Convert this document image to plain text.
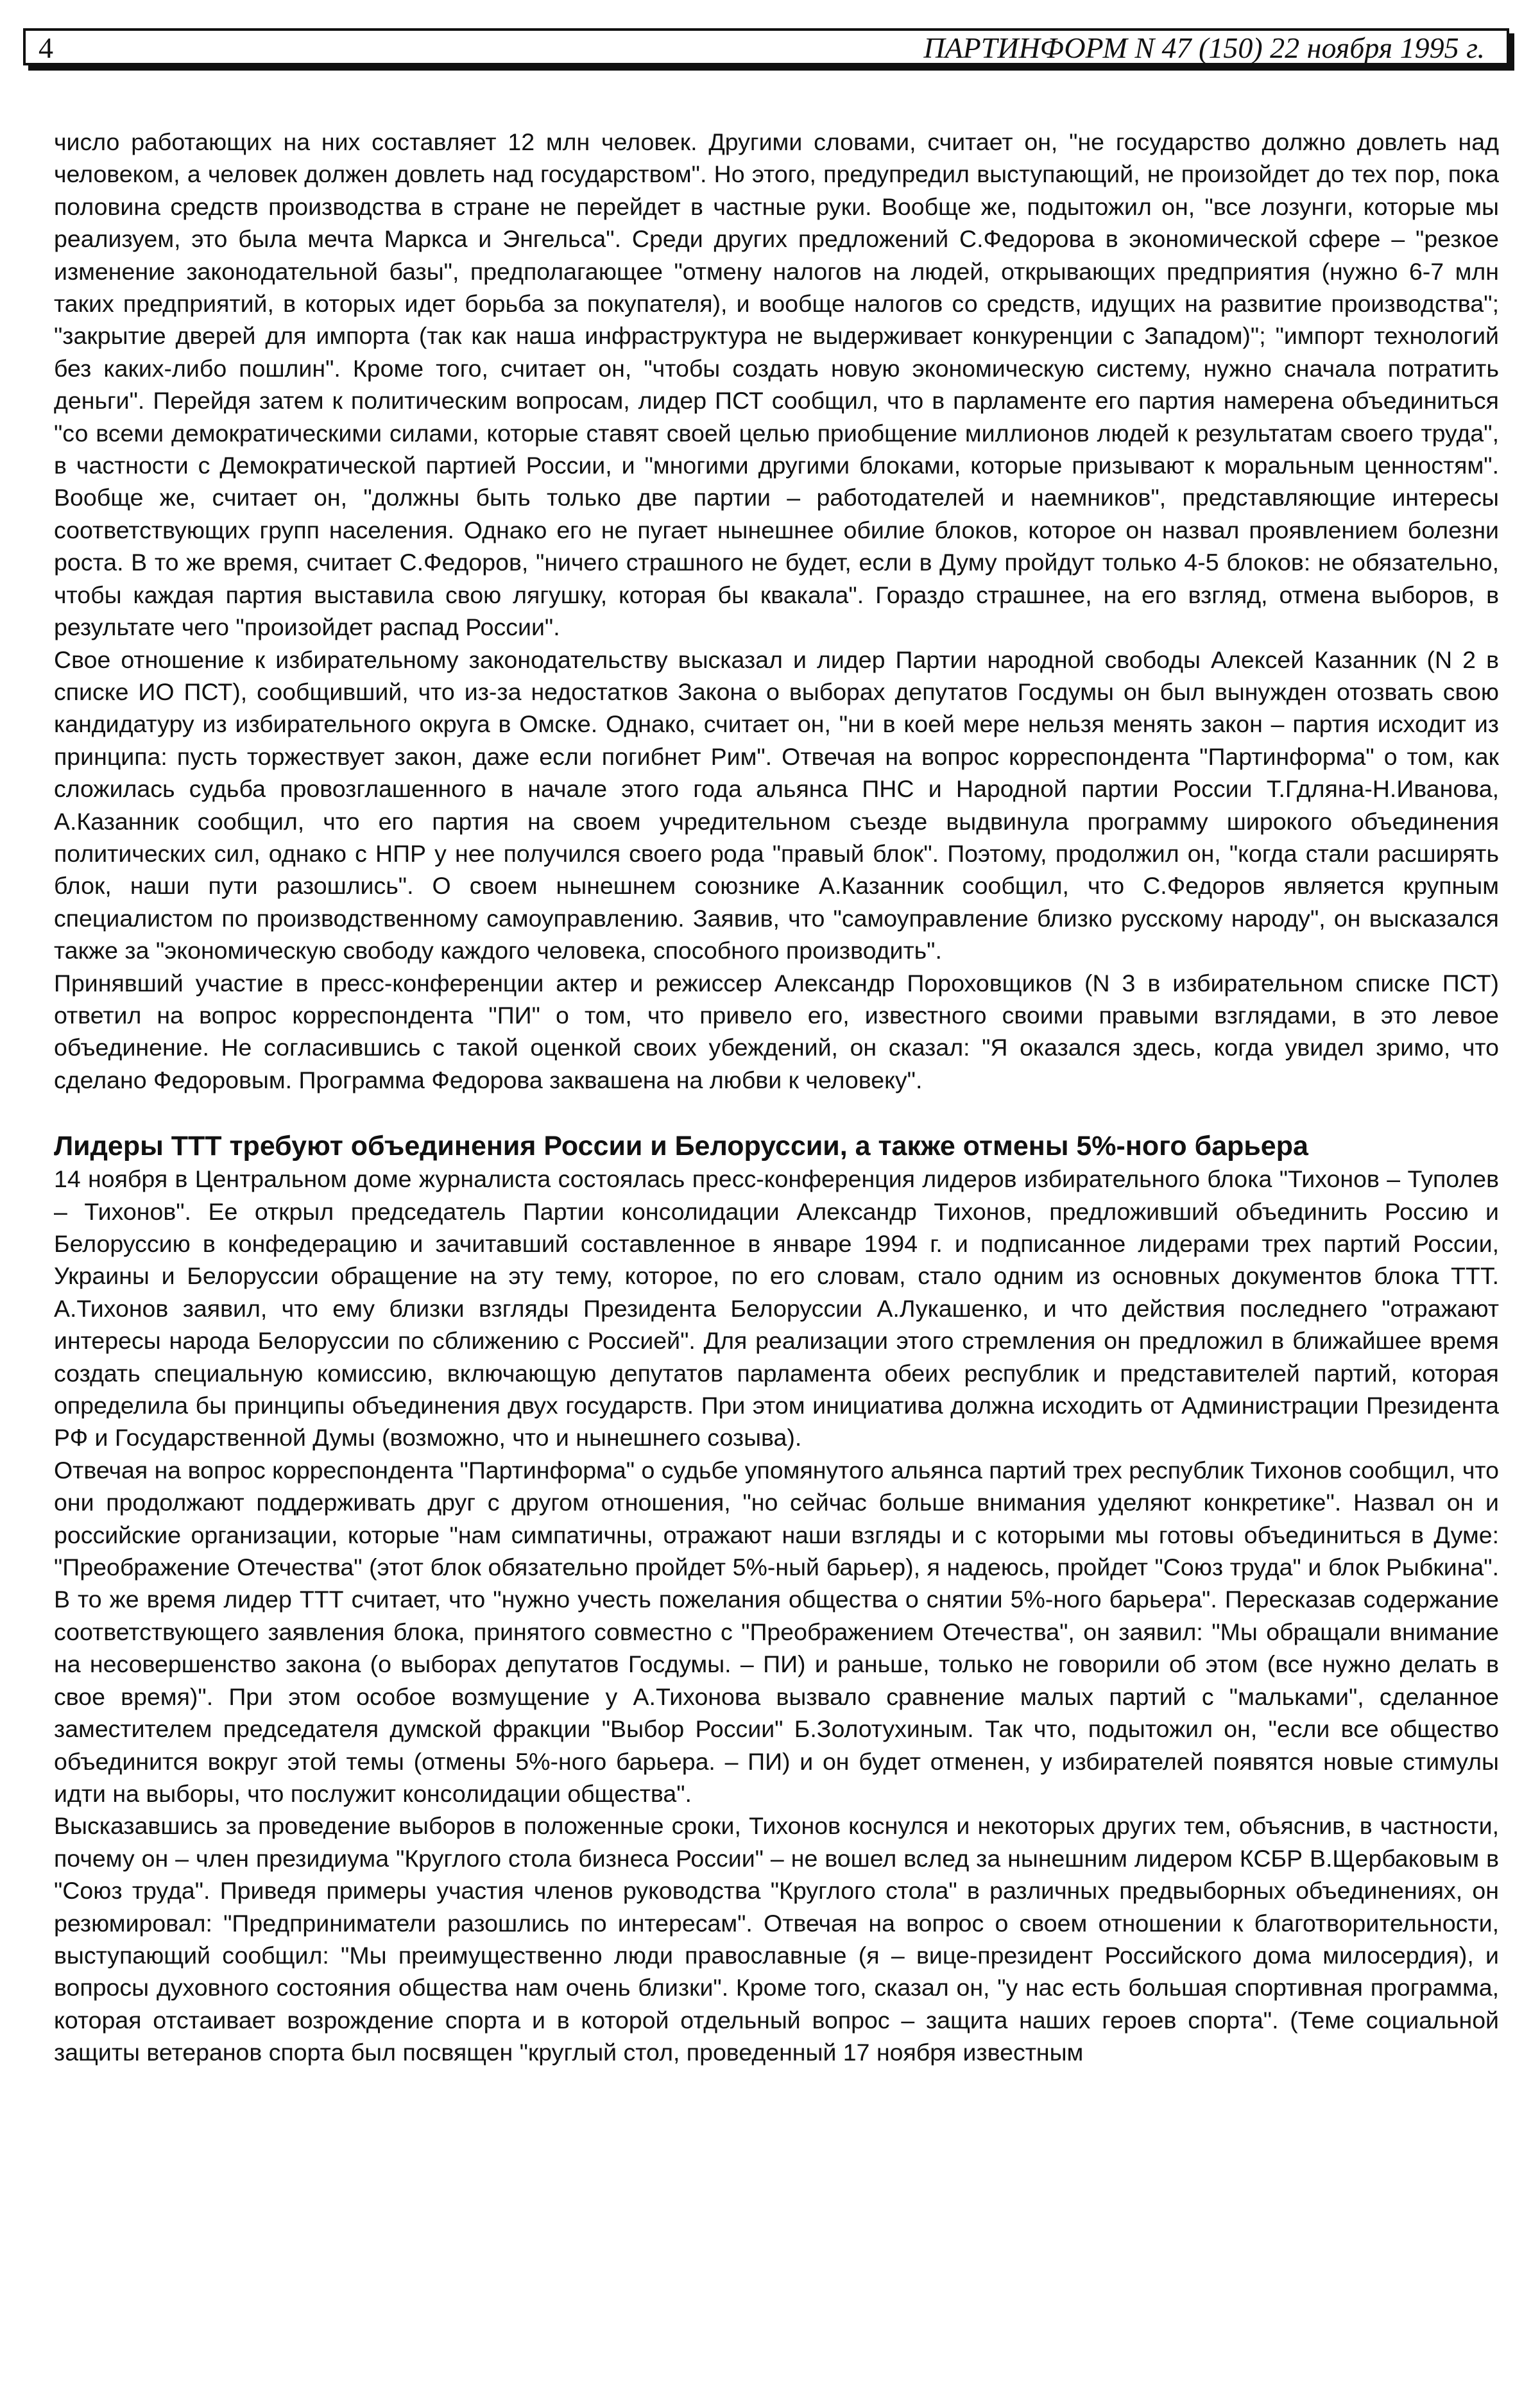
4	ПАРТИНФОРМ N 47 (150) 22 ноября 1995 г.

число работающих на них составляет 12 млн человек. Другими словами, считает он, "не государство должно довлеть над человеком, а человек должен довлеть над государством". Но этого, предупредил выступающий, не произойдет до тех пор, пока половина средств производства в стране не перейдет в частные руки. Вообще же, подытожил он, "все лозунги, которые мы реализуем, это была мечта Маркса и Энгельса". Среди других предложений С.Федорова в экономической сфере – "резкое изменение законодательной базы", предполагающее "отмену налогов на людей, открывающих предприятия (нужно 6-7 млн таких предприятий, в которых идет борьба за покупателя), и вообще налогов со средств, идущих на развитие производства"; "закрытие дверей для импорта (так как наша инфраструктура не выдерживает конкуренции с Западом)"; "импорт технологий без каких-либо пошлин". Кроме того, считает он, "чтобы создать новую экономическую систему, нужно сначала потратить деньги". Перейдя затем к политическим вопросам, лидер ПСТ сообщил, что в парламенте его партия намерена объединиться "со всеми демократическими силами, которые ставят своей целью приобщение миллионов людей к результатам своего труда", в частности с Демократической партией России, и "многими другими блоками, которые призывают к моральным ценностям". Вообще же, считает он, "должны быть только две партии – работодателей и наемников", представляющие интересы соответствующих групп населения. Однако его не пугает нынешнее обилие блоков, которое он назвал проявлением болезни роста. В то же время, считает С.Федоров, "ничего страшного не будет, если в Думу пройдут только 4-5 блоков: не обязательно, чтобы каждая партия выставила свою лягушку, которая бы квакала". Гораздо страшнее, на его взгляд, отмена выборов, в результате чего "произойдет распад России".

Свое отношение к избирательному законодательству высказал и лидер Партии народной свободы Алексей Казанник (N 2 в списке ИО ПСТ), сообщивший, что из-за недостатков Закона о выборах депутатов Госдумы он был вынужден отозвать свою кандидатуру из избирательного округа в Омске. Однако, считает он, "ни в коей мере нельзя менять закон – партия исходит из принципа: пусть торжествует закон, даже если погибнет Рим". Отвечая на вопрос корреспондента "Партинформа" о том, как сложилась судьба провозглашенного в начале этого года альянса ПНС и Народной партии России Т.Гдляна-Н.Иванова, А.Казанник сообщил, что его партия на своем учредительном съезде выдвинула программу широкого объединения политических сил, однако с НПР у нее получился своего рода "правый блок". Поэтому, продолжил он, "когда стали расширять блок, наши пути разошлись". О своем нынешнем союзнике А.Казанник сообщил, что С.Федоров является крупным специалистом по производственному самоуправлению. Заявив, что "самоуправление близко русскому народу", он высказался также за "экономическую свободу каждого человека, способного производить".

Принявший участие в пресс-конференции актер и режиссер Александр Пороховщиков (N 3 в избирательном списке ПСТ) ответил на вопрос корреспондента "ПИ" о том, что привело его, известного своими правыми взглядами, в это левое объединение. Не согласившись с такой оценкой своих убеждений, он сказал: "Я оказался здесь, когда увидел зримо, что сделано Федоровым. Программа Федорова заквашена на любви к человеку".

Лидеры ТТТ требуют объединения России и Белоруссии, а также отмены 5%-ного барьера

14 ноября в Центральном доме журналиста состоялась пресс-конференция лидеров избирательного блока "Тихонов – Туполев – Тихонов". Ее открыл председатель Партии консолидации Александр Тихонов, предложивший объединить Россию и Белоруссию в конфедерацию и зачитавший составленное в январе 1994 г. и подписанное лидерами трех партий России, Украины и Белоруссии обращение на эту тему, которое, по его словам, стало одним из основных документов блока ТТТ. А.Тихонов заявил, что ему близки взгляды Президента Белоруссии А.Лукашенко, и что действия последнего "отражают интересы народа Белоруссии по сближению с Россией". Для реализации этого стремления он предложил в ближайшее время создать специальную комиссию, включающую депутатов парламента обеих республик и представителей партий, которая определила бы принципы объединения двух государств. При этом инициатива должна исходить от Администрации Президента РФ и Государственной Думы (возможно, что и нынешнего созыва).

Отвечая на вопрос корреспондента "Партинформа" о судьбе упомянутого альянса партий трех республик Тихонов сообщил, что они продолжают поддерживать друг с другом отношения, "но сейчас больше внимания уделяют конкретике". Назвал он и российские организации, которые "нам симпатичны, отражают наши взгляды и с которыми мы готовы объединиться в Думе: "Преображение Отечества" (этот блок обязательно пройдет 5%-ный барьер), я надеюсь, пройдет "Союз труда" и блок Рыбкина". В то же время лидер ТТТ считает, что "нужно учесть пожелания общества о снятии 5%-ного барьера". Пересказав содержание соответствующего заявления блока, принятого совместно с "Преображением Отечества", он заявил: "Мы обращали внимание на несовершенство закона (о выборах депутатов Госдумы. – ПИ) и раньше, только не говорили об этом (все нужно делать в свое время)". При этом особое возмущение у А.Тихонова вызвало сравнение малых партий с "мальками", сделанное заместителем председателя думской фракции "Выбор России" Б.Золотухиным. Так что, подытожил он, "если все общество объединится вокруг этой темы (отмены 5%-ного барьера. – ПИ) и он будет отменен, у избирателей появятся новые стимулы идти на выборы, что послужит консолидации общества".

Высказавшись за проведение выборов в положенные сроки, Тихонов коснулся и некоторых других тем, объяснив, в частности, почему он – член президиума "Круглого стола бизнеса России" – не вошел вслед за нынешним лидером КСБР В.Щербаковым в "Союз труда". Приведя примеры участия членов руководства "Круглого стола" в различных предвыборных объединениях, он резюмировал: "Предприниматели разошлись по интересам". Отвечая на вопрос о своем отношении к благотворительности, выступающий сообщил: "Мы преимущественно люди православные (я – вице-президент Российского дома милосердия), и вопросы духовного состояния общества нам очень близки". Кроме того, сказал он, "у нас есть большая спортивная программа, которая отстаивает возрождение спорта и в которой отдельный вопрос – защита наших героев спорта". (Теме социальной защиты ветеранов спорта был посвящен "круглый стол, проведенный 17 ноября известным
